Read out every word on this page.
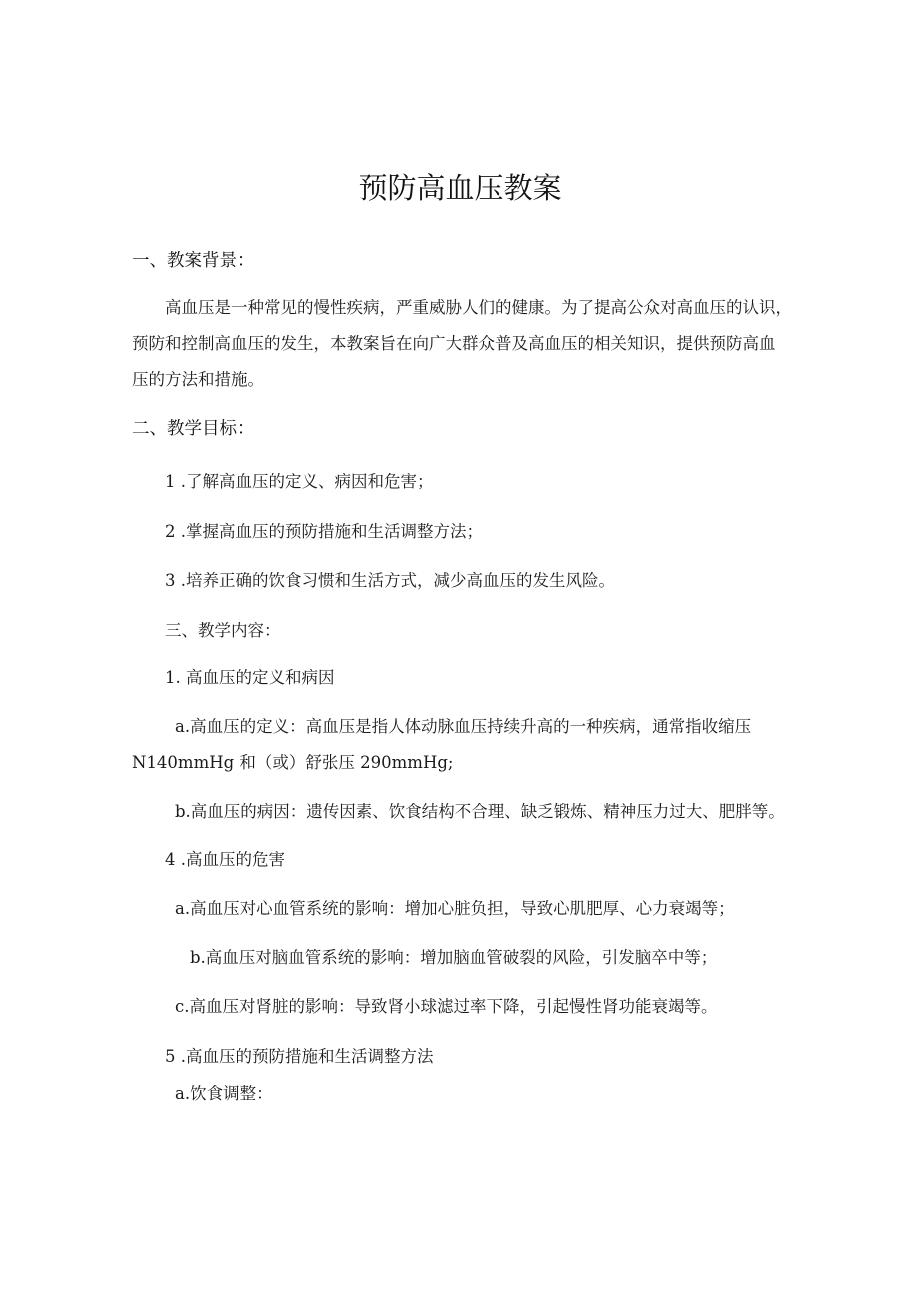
预防高血压教案
一、教案背景：
高血压是一种常见的慢性疾病，严重威胁人们的健康。为了提高公众对高血压的认识，
预防和控制高血压的发生，本教案旨在向广大群众普及高血压的相关知识，提供预防高血
压的方法和措施。
二、教学目标：
1 .了解高血压的定义、病因和危害；
2 .掌握高血压的预防措施和生活调整方法；
3 .培养正确的饮食习惯和生活方式，减少高血压的发生风险。
三、教学内容：
1. 高血压的定义和病因
a.高血压的定义：高血压是指人体动脉血压持续升高的一种疾病，通常指收缩压
N140mmHg 和（或）舒张压 290mmHg;
b.高血压的病因：遗传因素、饮食结构不合理、缺乏锻炼、精神压力过大、肥胖等。
4 .高血压的危害
a.高血压对心血管系统的影响：增加心脏负担，导致心肌肥厚、心力衰竭等；
b.高血压对脑血管系统的影响：增加脑血管破裂的风险，引发脑卒中等；
c.高血压对肾脏的影响：导致肾小球滤过率下降，引起慢性肾功能衰竭等。
5 .高血压的预防措施和生活调整方法
a.饮食调整：
